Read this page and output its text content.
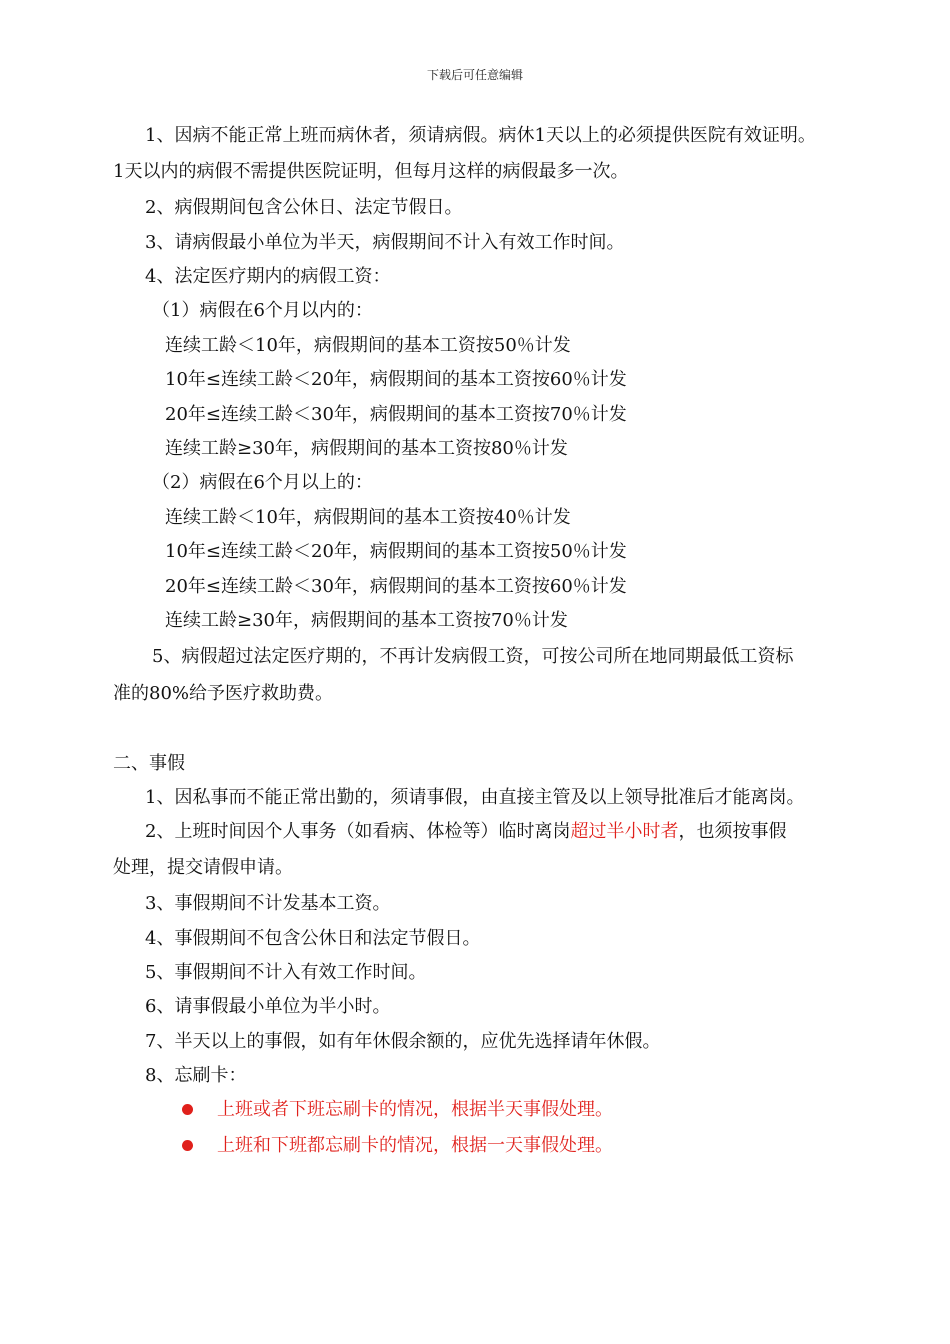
下载后可任意编辑
1、因病不能正常上班而病休者，须请病假。病休1天以上的必须提供医院有效证明。
1天以内的病假不需提供医院证明，但每月这样的病假最多一次。
2、病假期间包含公休日、法定节假日。
3、请病假最小单位为半天，病假期间不计入有效工作时间。
4、法定医疗期内的病假工资：
（1）病假在6个月以内的：
连续工龄＜10年，病假期间的基本工资按50％计发
10年≤连续工龄＜20年，病假期间的基本工资按60％计发
20年≤连续工龄＜30年，病假期间的基本工资按70％计发
连续工龄≥30年，病假期间的基本工资按80％计发
（2）病假在6个月以上的：
连续工龄＜10年，病假期间的基本工资按40％计发
10年≤连续工龄＜20年，病假期间的基本工资按50％计发
20年≤连续工龄＜30年，病假期间的基本工资按60％计发
连续工龄≥30年，病假期间的基本工资按70％计发
5、病假超过法定医疗期的，不再计发病假工资，可按公司所在地同期最低工资标
准的80%给予医疗救助费。
二、事假
1、因私事而不能正常出勤的，须请事假，由直接主管及以上领导批准后才能离岗。
2、上班时间因个人事务（如看病、体检等）临时离岗超过半小时者，也须按事假
处理，提交请假申请。
3、事假期间不计发基本工资。
4、事假期间不包含公休日和法定节假日。
5、事假期间不计入有效工作时间。
6、请事假最小单位为半小时。
7、半天以上的事假，如有年休假余额的，应优先选择请年休假。
8、忘刷卡：
上班或者下班忘刷卡的情况，根据半天事假处理。
上班和下班都忘刷卡的情况，根据一天事假处理。
